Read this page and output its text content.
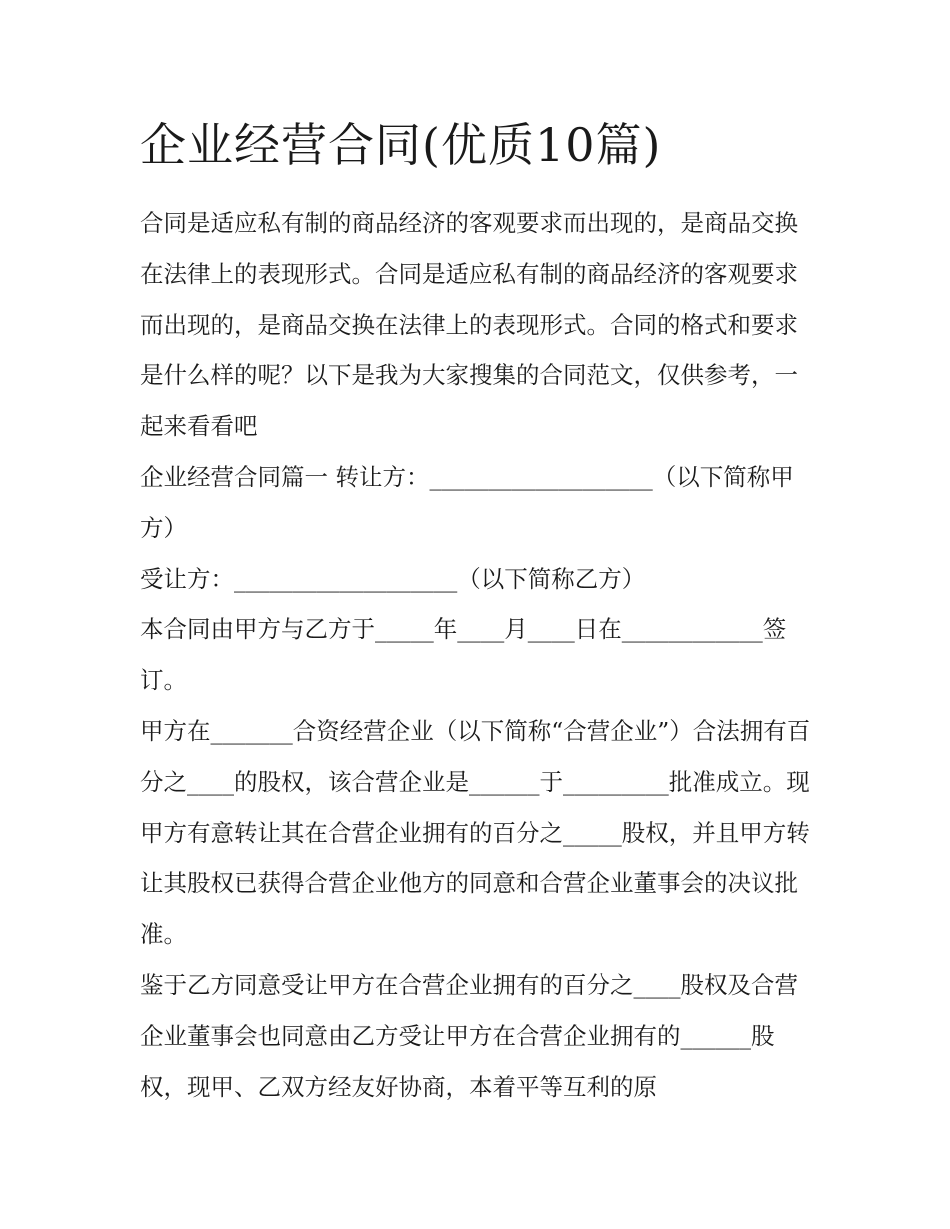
企业经营合同(优质10篇)

合同是适应私有制的商品经济的客观要求而出现的，是商品交换在法律上的表现形式。合同是适应私有制的商品经济的客观要求而出现的，是商品交换在法律上的表现形式。合同的格式和要求是什么样的呢？以下是我为大家搜集的合同范文，仅供参考，一起来看看吧

企业经营合同篇一 转让方：___________________（以下简称甲方）

受让方：___________________（以下简称乙方）

本合同由甲方与乙方于_____年____月____日在____________签订。

甲方在_______合资经营企业（以下简称“合营企业”）合法拥有百分之____的股权，该合营企业是______于_________批准成立。现甲方有意转让其在合营企业拥有的百分之_____股权，并且甲方转让其股权已获得合营企业他方的同意和合营企业董事会的决议批准。

鉴于乙方同意受让甲方在合营企业拥有的百分之____股权及合营企业董事会也同意由乙方受让甲方在合营企业拥有的______股权，现甲、乙双方经友好协商，本着平等互利的原
